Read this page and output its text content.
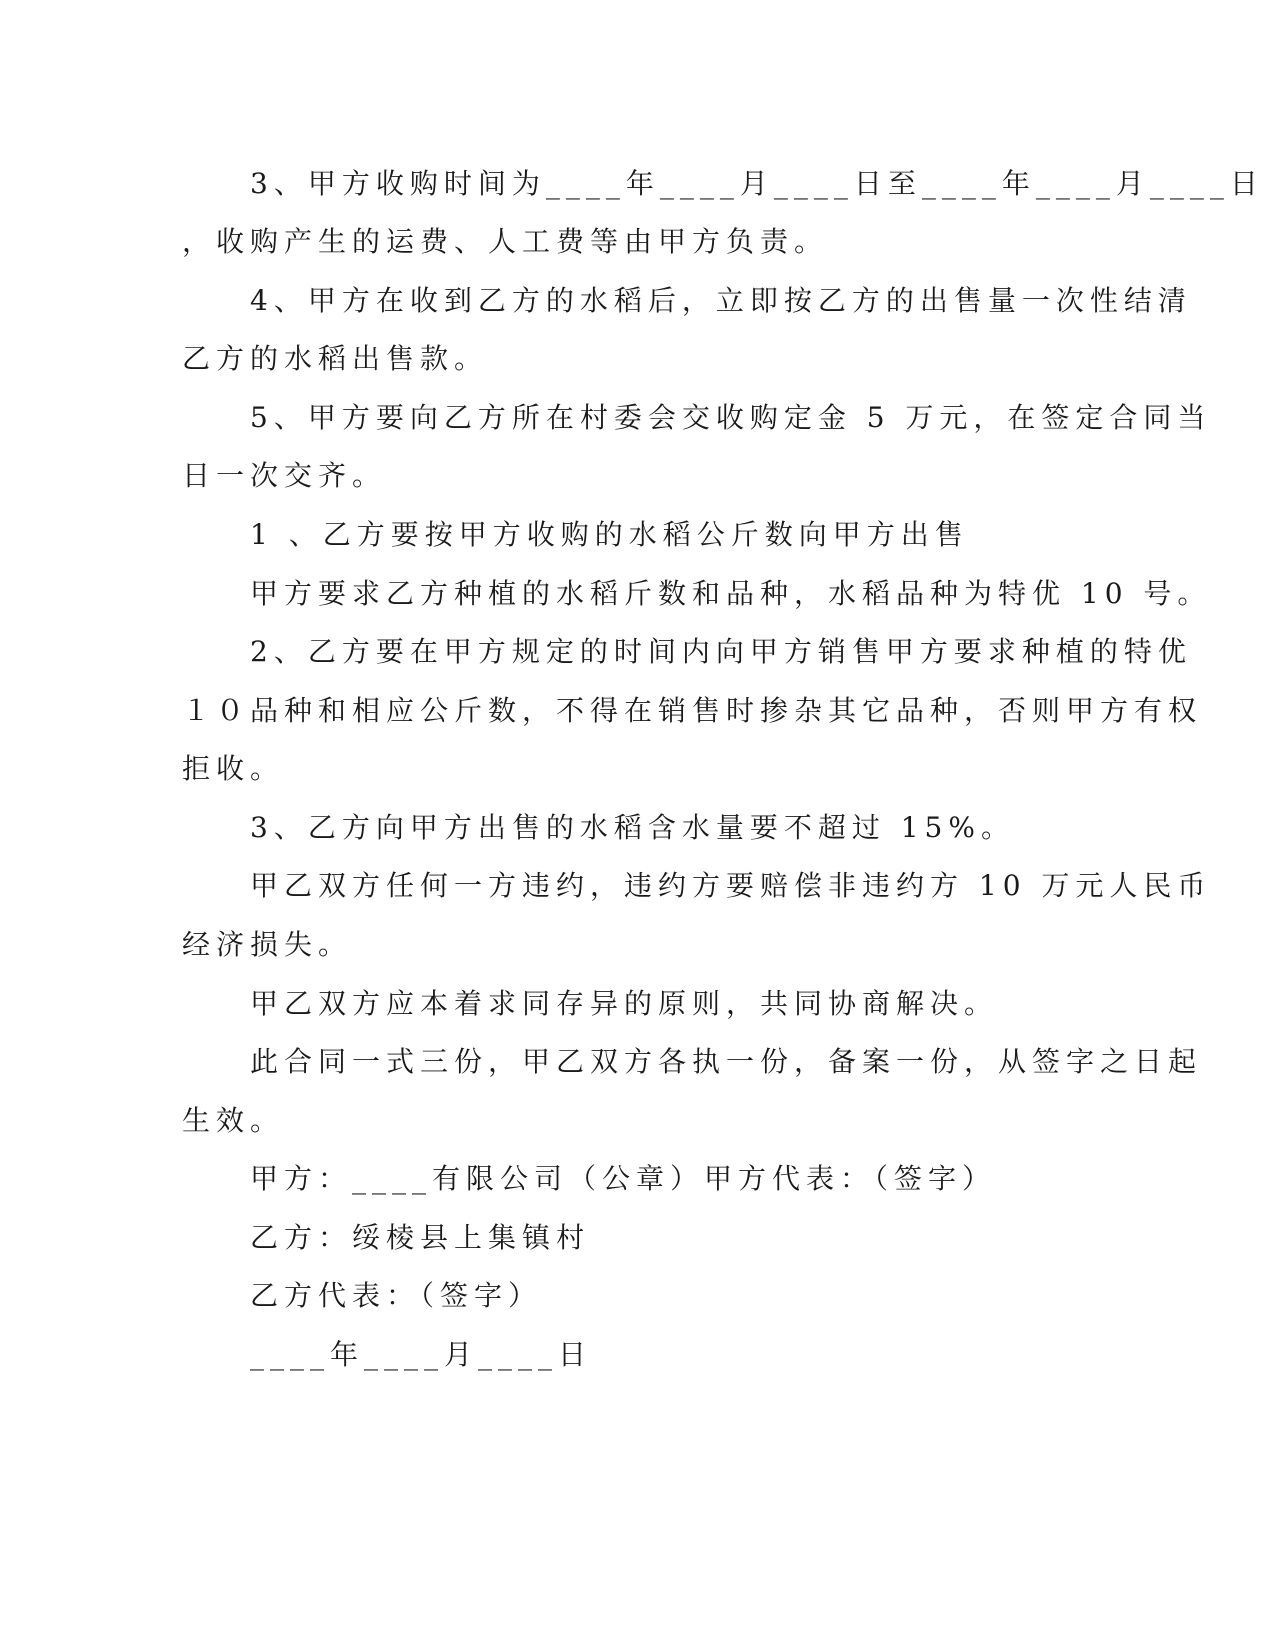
3、甲方收购时间为____年____月____日至____年____月____日
，收购产生的运费、人工费等由甲方负责。
4、甲方在收到乙方的水稻后，立即按乙方的出售量一次性结清
乙方的水稻出售款。
5、甲方要向乙方所在村委会交收购定金 5 万元，在签定合同当
日一次交齐。
1 、乙方要按甲方收购的水稻公斤数向甲方出售
甲方要求乙方种植的水稻斤数和品种，水稻品种为特优 10 号。
2、乙方要在甲方规定的时间内向甲方销售甲方要求种植的特优
１０品种和相应公斤数，不得在销售时掺杂其它品种，否则甲方有权
拒收。
3、乙方向甲方出售的水稻含水量要不超过 15%。
甲乙双方任何一方违约，违约方要赔偿非违约方 10 万元人民币
经济损失。
甲乙双方应本着求同存异的原则，共同协商解决。
此合同一式三份，甲乙双方各执一份，备案一份，从签字之日起
生效。
甲方：____有限公司（公章）甲方代表：（签字）
乙方：绥棱县上集镇村
乙方代表：（签字）
____年____月____日
